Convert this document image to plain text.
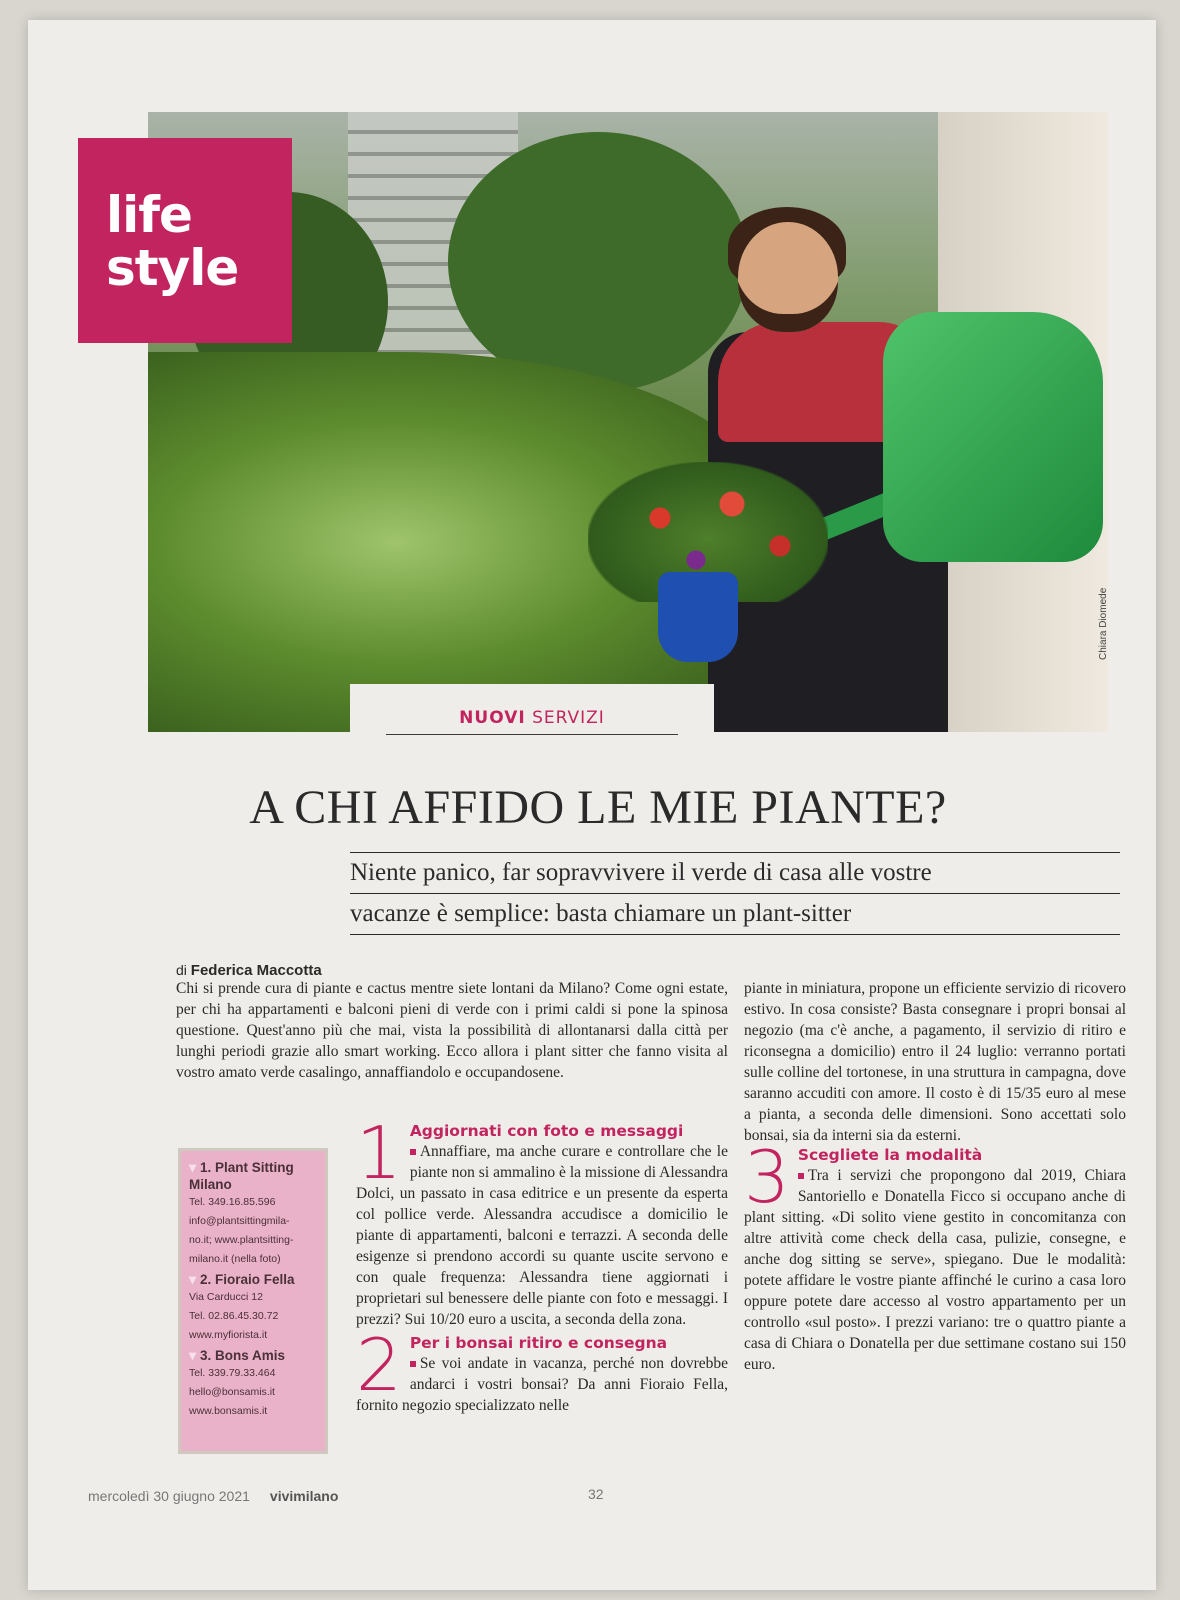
Chiara Diomede
life
style
NUOVI SERVIZI
A CHI AFFIDO LE MIE PIANTE?
Niente panico, far sopravvivere il verde di casa alle vostre
vacanze è semplice: basta chiamare un plant-sitter
di Federica Maccotta
Chi si prende cura di piante e cactus mentre siete lontani da Milano? Come ogni estate, per chi ha appartamenti e balconi pieni di verde con i primi caldi si pone la spinosa questione. Quest'anno più che mai, vista la possibilità di allontanarsi dalla città per lunghi periodi grazie allo smart working. Ecco allora i plant sitter che fanno visita al vostro amato verde casalingo, annaffiandolo e occupandosene.
1 Aggiornati con foto e messaggi
Annaffiare, ma anche curare e controllare che le piante non si ammalino è la missione di Alessandra Dolci, un passato in casa editrice e un presente da esperta col pollice verde. Alessandra accudisce a domicilio le piante di appartamenti, balconi e terrazzi. A seconda delle esigenze si prendono accordi su quante uscite servono e con quale frequenza: Alessandra tiene aggiornati i proprietari sul benessere delle piante con foto e messaggi. I prezzi? Sui 10/20 euro a uscita, a seconda della zona.
2 Per i bonsai ritiro e consegna
Se voi andate in vacanza, perché non dovrebbe andarci i vostri bonsai? Da anni Fioraio Fella, fornito negozio specializzato nelle
piante in miniatura, propone un efficiente servizio di ricovero estivo. In cosa consiste? Basta consegnare i propri bonsai al negozio (ma c'è anche, a pagamento, il servizio di ritiro e riconsegna a domicilio) entro il 24 luglio: verranno portati sulle colline del tortonese, in una struttura in campagna, dove saranno accuditi con amore. Il costo è di 15/35 euro al mese a pianta, a seconda delle dimensioni. Sono accettati solo bonsai, sia da interni sia da esterni.
3 Scegliete la modalità
Tra i servizi che propongono dal 2019, Chiara Santoriello e Donatella Ficco si occupano anche di plant sitting. «Di solito viene gestito in concomitanza con altre attività come check della casa, pulizie, consegne, e anche dog sitting se serve», spiegano. Due le modalità: potete affidare le vostre piante affinché le curino a casa loro oppure potete dare accesso al vostro appartamento per un controllo «sul posto». I prezzi variano: tre o quattro piante a casa di Chiara o Donatella per due settimane costano sui 150 euro.
▾ 1. Plant Sitting Milano
Tel. 349.16.85.596
info@plantsittingmila-
no.it; www.plantsitting-
milano.it (nella foto)
▾ 2. Fioraio Fella
Via Carducci 12
Tel. 02.86.45.30.72
www.myfiorista.it
▾ 3. Bons Amis
Tel. 339.79.33.464
hello@bonsamis.it
www.bonsamis.it
mercoledì 30 giugno 2021 vivimilano	32
